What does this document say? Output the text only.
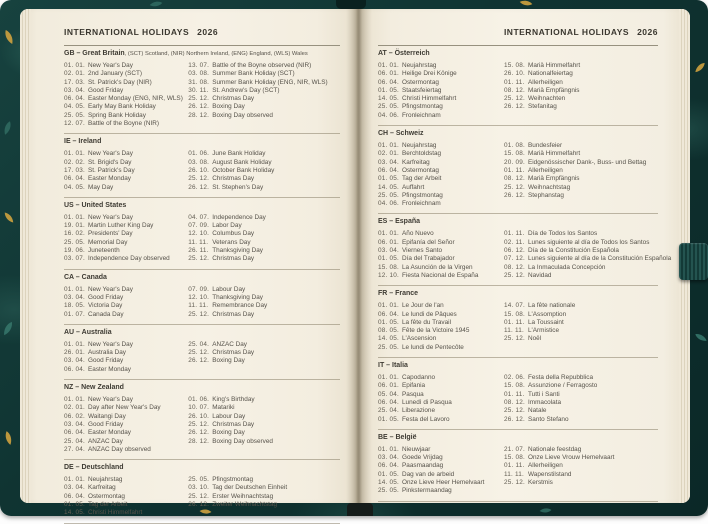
INTERNATIONAL HOLIDAYS 2026
GB – Great Britain, (SCT) Scotland, (NIR) Northern Ireland, (ENG) England, (WLS) Wales
01. 01. New Year's Day
02. 01. 2nd January (SCT)
17. 03. St. Patrick's Day (NIR)
03. 04. Good Friday
06. 04. Easter Monday (ENG, NIR, WLS)
04. 05. Early May Bank Holiday
25. 05. Spring Bank Holiday
12. 07. Battle of the Boyne (NIR)
13. 07. Battle of the Boyne observed (NIR)
03. 08. Summer Bank Holiday (SCT)
31. 08. Summer Bank Holiday (ENG, NIR, WLS)
30. 11. St. Andrew's Day (SCT)
25. 12. Christmas Day
26. 12. Boxing Day
28. 12. Boxing Day observed
IE – Ireland
01. 01. New Year's Day
02. 02. St. Brigid's Day
17. 03. St. Patrick's Day
06. 04. Easter Monday
04. 05. May Day
01. 06. June Bank Holiday
03. 08. August Bank Holiday
26. 10. October Bank Holiday
25. 12. Christmas Day
26. 12. St. Stephen's Day
US – United States
01. 01. New Year's Day
19. 01. Martin Luther King Day
16. 02. Presidents' Day
25. 05. Memorial Day
19. 06. Juneteenth
03. 07. Independence Day observed
04. 07. Independence Day
07. 09. Labor Day
12. 10. Columbus Day
11. 11. Veterans Day
26. 11. Thanksgiving Day
25. 12. Christmas Day
CA – Canada
01. 01. New Year's Day
03. 04. Good Friday
18. 05. Victoria Day
01. 07. Canada Day
07. 09. Labour Day
12. 10. Thanksgiving Day
11. 11. Remembrance Day
25. 12. Christmas Day
AU – Australia
01. 01. New Year's Day
26. 01. Australia Day
03. 04. Good Friday
06. 04. Easter Monday
25. 04. ANZAC Day
25. 12. Christmas Day
26. 12. Boxing Day
NZ – New Zealand
01. 01. New Year's Day
02. 01. Day after New Year's Day
06. 02. Waitangi Day
03. 04. Good Friday
06. 04. Easter Monday
25. 04. ANZAC Day
27. 04. ANZAC Day observed
01. 06. King's Birthday
10. 07. Matariki
26. 10. Labour Day
25. 12. Christmas Day
26. 12. Boxing Day
28. 12. Boxing Day observed
DE – Deutschland
01. 01. Neujahrstag
03. 04. Karfreitag
06. 04. Ostermontag
01. 05. Tag der Arbeit
14. 05. Christi Himmelfahrt
25. 05. Pfingstmontag
03. 10. Tag der Deutschen Einheit
25. 12. Erster Weihnachtstag
26. 12. Zweiter Weihnachtstag
INTERNATIONAL HOLIDAYS 2026
AT – Österreich
01. 01. Neujahrstag
06. 01. Heilige Drei Könige
06. 04. Ostermontag
01. 05. Staatsfeiertag
14. 05. Christi Himmelfahrt
25. 05. Pfingstmontag
04. 06. Fronleichnam
15. 08. Mariä Himmelfahrt
26. 10. Nationalfeiertag
01. 11. Allerheiligen
08. 12. Mariä Empfängnis
25. 12. Weihnachten
26. 12. Stefanitag
CH – Schweiz
01. 01. Neujahrstag
02. 01. Berchtoldstag
03. 04. Karfreitag
06. 04. Ostermontag
01. 05. Tag der Arbeit
14. 05. Auffahrt
25. 05. Pfingstmontag
04. 06. Fronleichnam
01. 08. Bundesfeier
15. 08. Mariä Himmelfahrt
20. 09. Eidgenössischer Dank-, Buss- und Bettag
01. 11. Allerheiligen
08. 12. Mariä Empfängnis
25. 12. Weihnachtstag
26. 12. Stephanstag
ES – España
01. 01. Año Nuevo
06. 01. Epifanía del Señor
03. 04. Viernes Santo
01. 05. Día del Trabajador
15. 08. La Asunción de la Virgen
12. 10. Fiesta Nacional de España
01. 11. Día de Todos los Santos
02. 11. Lunes siguiente al día de Todos los Santos
06. 12. Día de la Constitución Española
07. 12. Lunes siguiente al día de la Constitución Española
08. 12. La Inmaculada Concepción
25. 12. Navidad
FR – France
01. 01. Le Jour de l'an
06. 04. Le lundi de Pâques
01. 05. La fête du Travail
08. 05. Fête de la Victoire 1945
14. 05. L'Ascension
25. 05. Le lundi de Pentecôte
14. 07. La fête nationale
15. 08. L'Assomption
01. 11. La Toussaint
11. 11. L'Armistice
25. 12. Noël
IT – Italia
01. 01. Capodanno
06. 01. Epifania
05. 04. Pasqua
06. 04. Lunedì di Pasqua
25. 04. Liberazione
01. 05. Festa del Lavoro
02. 06. Festa della Repubblica
15. 08. Assunzione / Ferragosto
01. 11. Tutti i Santi
08. 12. Immacolata
25. 12. Natale
26. 12. Santo Stefano
BE – België
01. 01. Nieuwjaar
03. 04. Goede Vrijdag
06. 04. Paasmaandag
01. 05. Dag van de arbeid
14. 05. Onze Lieve Heer Hemelvaart
25. 05. Pinkstermaandag
21. 07. Nationale feestdag
15. 08. Onze Lieve Vrouw Hemelvaart
01. 11. Allerheiligen
11. 11. Wapenstilstand
25. 12. Kerstmis
